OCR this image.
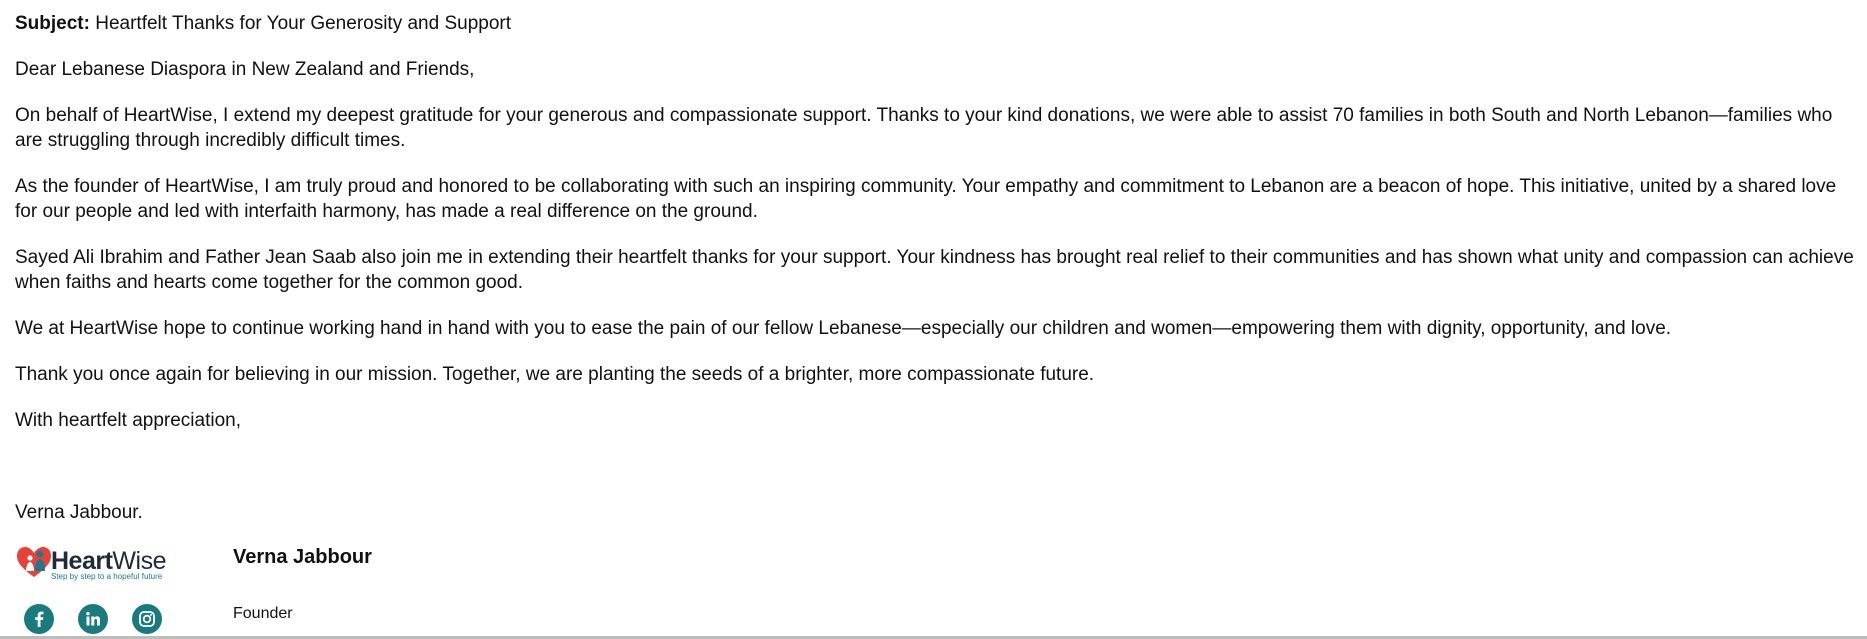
Subject: Heartfelt Thanks for Your Generosity and Support

Dear Lebanese Diaspora in New Zealand and Friends,

On behalf of HeartWise, I extend my deepest gratitude for your generous and compassionate support. Thanks to your kind donations, we were able to assist 70 families in both South and North Lebanon—families who are struggling through incredibly difficult times.

As the founder of HeartWise, I am truly proud and honored to be collaborating with such an inspiring community. Your empathy and commitment to Lebanon are a beacon of hope. This initiative, united by a shared love for our people and led with interfaith harmony, has made a real difference on the ground.

Sayed Ali Ibrahim and Father Jean Saab also join me in extending their heartfelt thanks for your support. Your kindness has brought real relief to their communities and has shown what unity and compassion can achieve when faiths and hearts come together for the common good.

We at HeartWise hope to continue working hand in hand with you to ease the pain of our fellow Lebanese—especially our children and women—empowering them with dignity, opportunity, and love.

Thank you once again for believing in our mission. Together, we are planting the seeds of a brighter, more compassionate future.

With heartfelt appreciation,

Verna Jabbour.

HeartWise
Step by step to a hopeful future
Verna Jabbour
Founder
